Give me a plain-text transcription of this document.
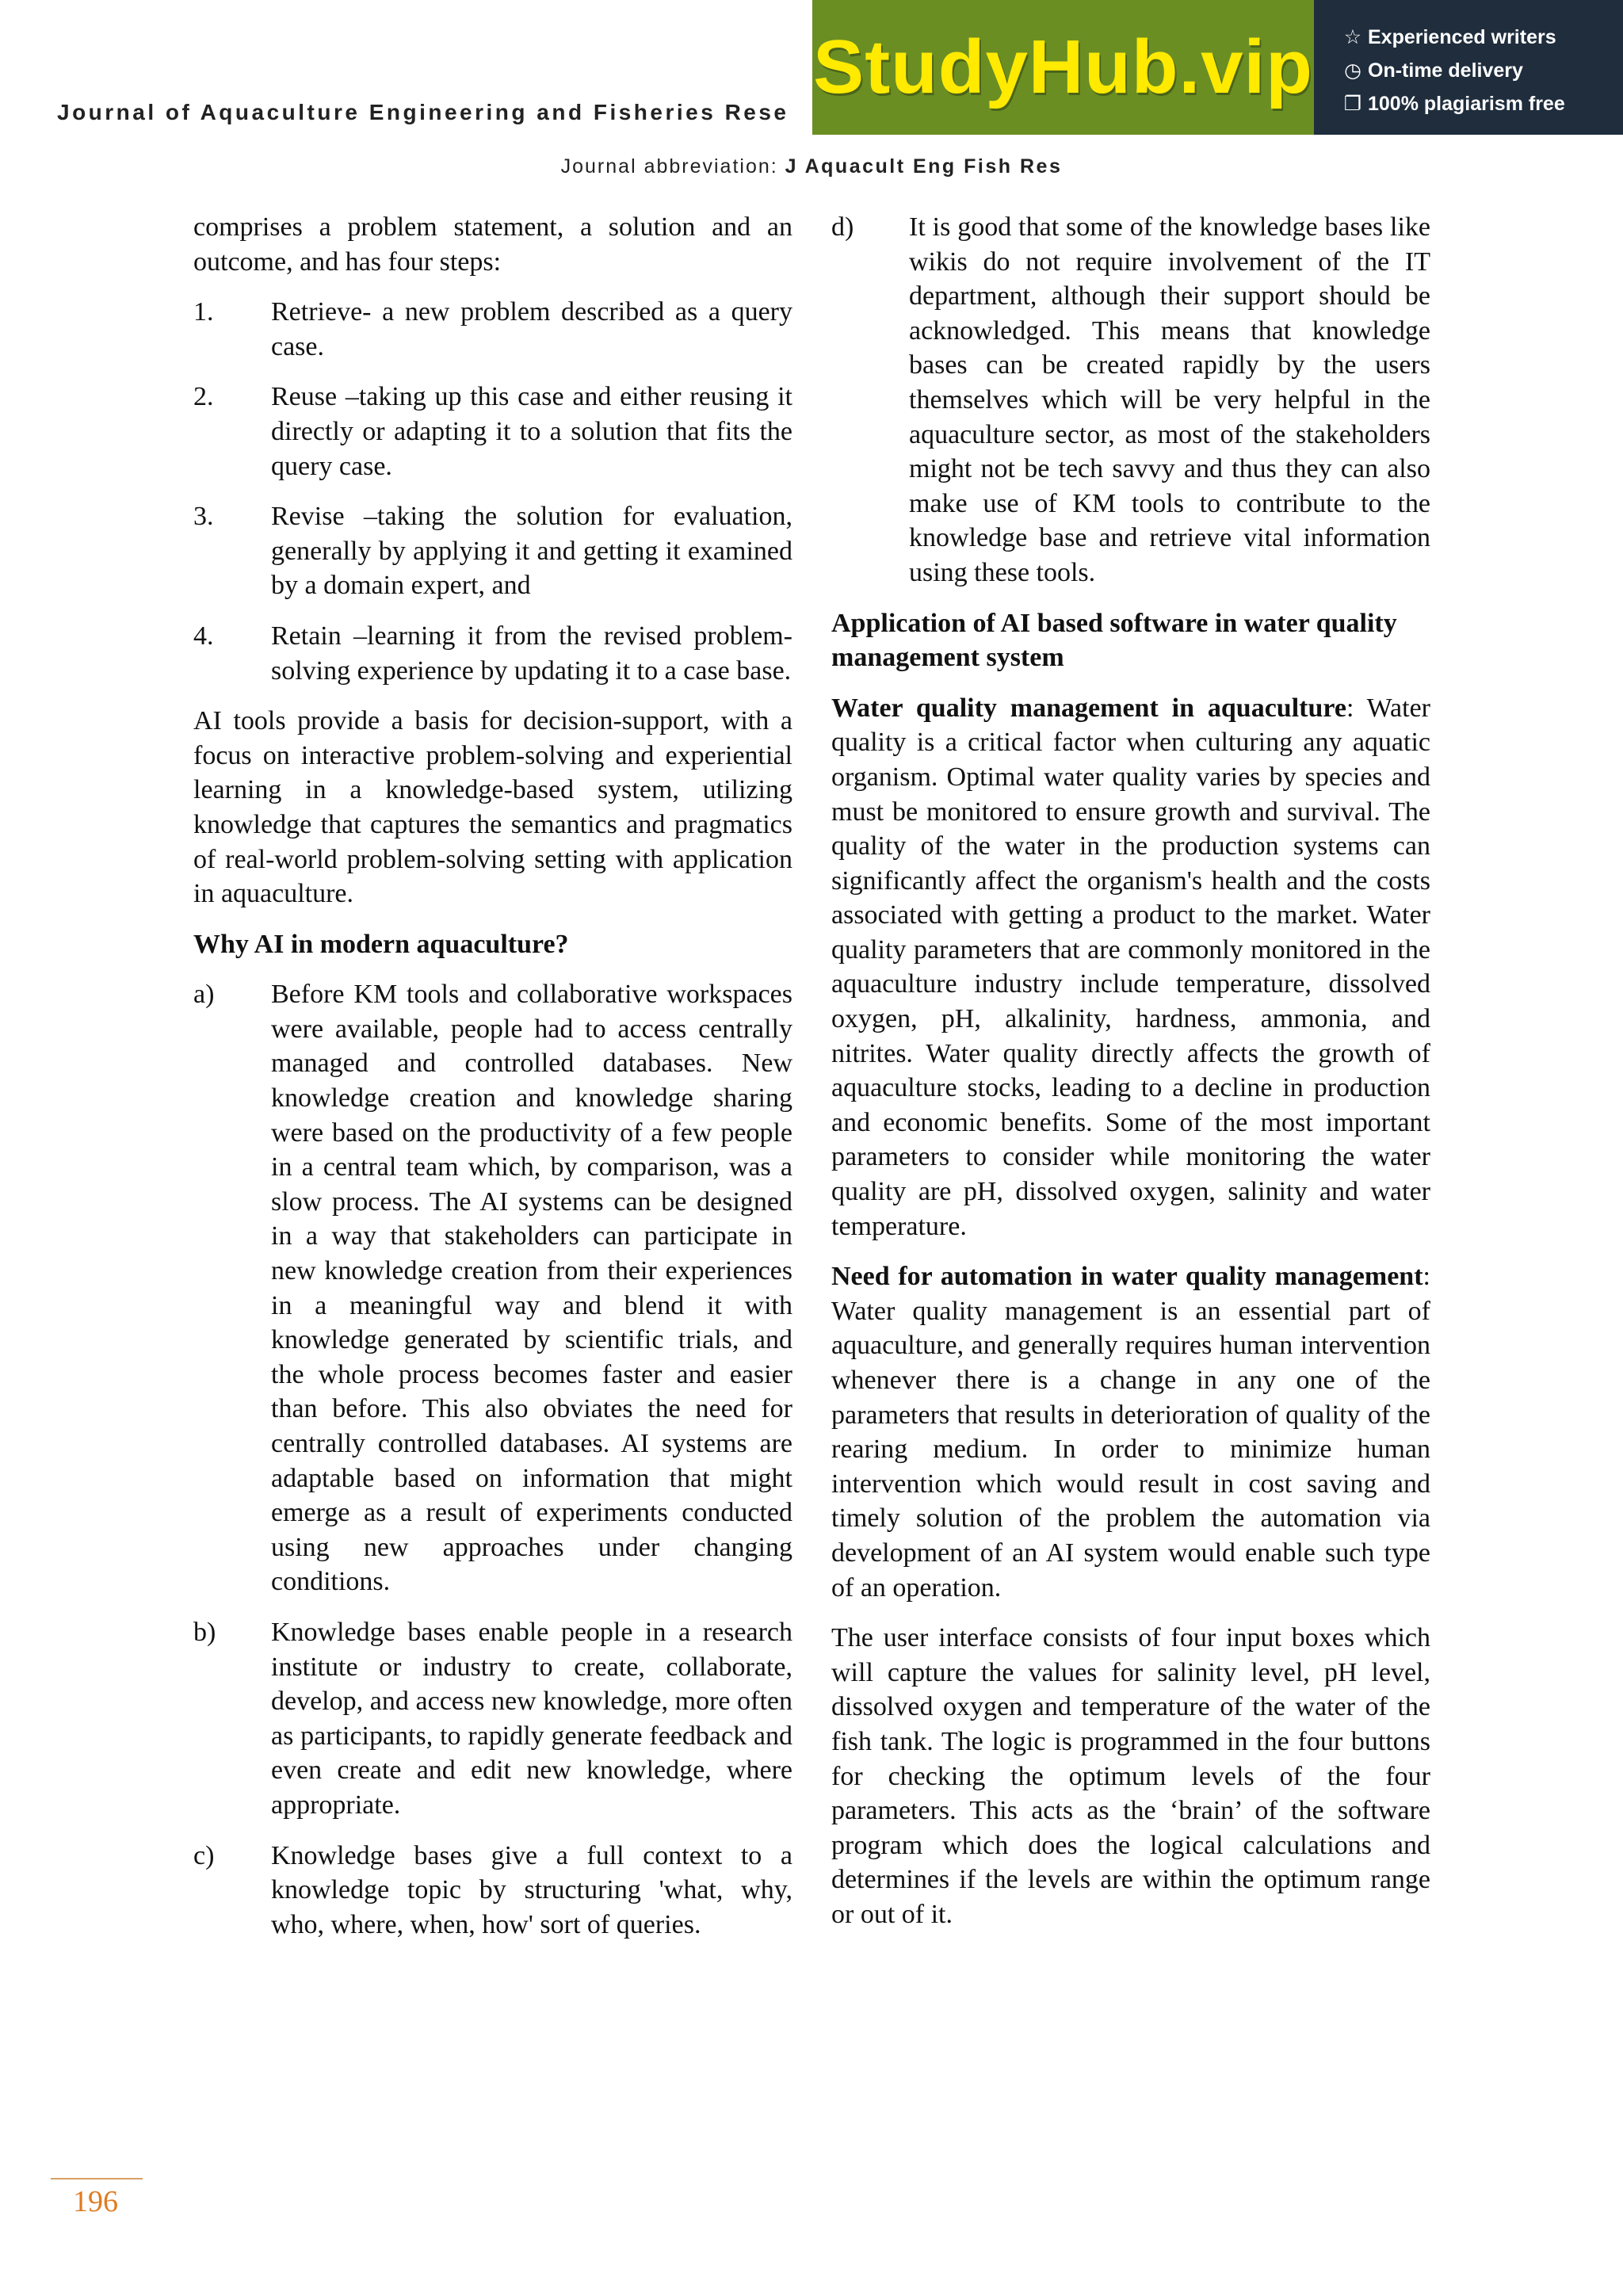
Journal of Aquaculture Engineering and Fisheries Rese
StudyHub.vip ☆ Experienced writers
◷ On-time delivery
❐ 100% plagiarism free
Journal abbreviation: J Aquacult Eng Fish Res

comprises a problem statement, a solution and an outcome, and has four steps:

1.	Retrieve- a new problem described as a query case.
2.	Reuse –taking up this case and either reusing it directly or adapting it to a solution that fits the query case.
3.	Revise –taking the solution for evaluation, generally by applying it and getting it examined by a domain expert, and
4.	Retain –learning it from the revised problem-solving experience by updating it to a case base.

AI tools provide a basis for decision-support, with a focus on interactive problem-solving and experiential learning in a knowledge-based system, utilizing knowledge that captures the semantics and pragmatics of real-world problem-solving setting with application in aquaculture.

Why AI in modern aquaculture?
a)	Before KM tools and collaborative workspaces were available, people had to access centrally managed and controlled databases. New knowledge creation and knowledge sharing were based on the productivity of a few people in a central team which, by comparison, was a slow process. The AI systems can be designed in a way that stakeholders can participate in new knowledge creation from their experiences in a meaningful way and blend it with knowledge generated by scientific trials, and the whole process becomes faster and easier than before. This also obviates the need for centrally controlled databases. AI systems are adaptable based on information that might emerge as a result of experiments conducted using new approaches under changing conditions.
b)	Knowledge bases enable people in a research institute or industry to create, collaborate, develop, and access new knowledge, more often as participants, to rapidly generate feedback and even create and edit new knowledge, where appropriate.
c)	Knowledge bases give a full context to a knowledge topic by structuring 'what, why, who, where, when, how' sort of queries.
d)	It is good that some of the knowledge bases like wikis do not require involvement of the IT department, although their support should be acknowledged. This means that knowledge bases can be created rapidly by the users themselves which will be very helpful in the aquaculture sector, as most of the stakeholders might not be tech savvy and thus they can also make use of KM tools to contribute to the knowledge base and retrieve vital information using these tools.
Application of AI based software in water quality management system

Water quality management in aquaculture: Water quality is a critical factor when culturing any aquatic organism. Optimal water quality varies by species and must be monitored to ensure growth and survival. The quality of the water in the production systems can significantly affect the organism's health and the costs associated with getting a product to the market. Water quality parameters that are commonly monitored in the aquaculture industry include temperature, dissolved oxygen, pH, alkalinity, hardness, ammonia, and nitrites. Water quality directly affects the growth of aquaculture stocks, leading to a decline in production and economic benefits. Some of the most important parameters to consider while monitoring the water quality are pH, dissolved oxygen, salinity and water temperature.

Need for automation in water quality management: Water quality management is an essential part of aquaculture, and generally requires human intervention whenever there is a change in any one of the parameters that results in deterioration of quality of the rearing medium. In order to minimize human intervention which would result in cost saving and timely solution of the problem the automation via development of an AI system would enable such type of an operation.

The user interface consists of four input boxes which will capture the values for salinity level, pH level, dissolved oxygen and temperature of the water of the fish tank. The logic is programmed in the four buttons for checking the optimum levels of the four parameters. This acts as the ‘brain’ of the software program which does the logical calculations and determines if the levels are within the optimum range or out of it.

196
